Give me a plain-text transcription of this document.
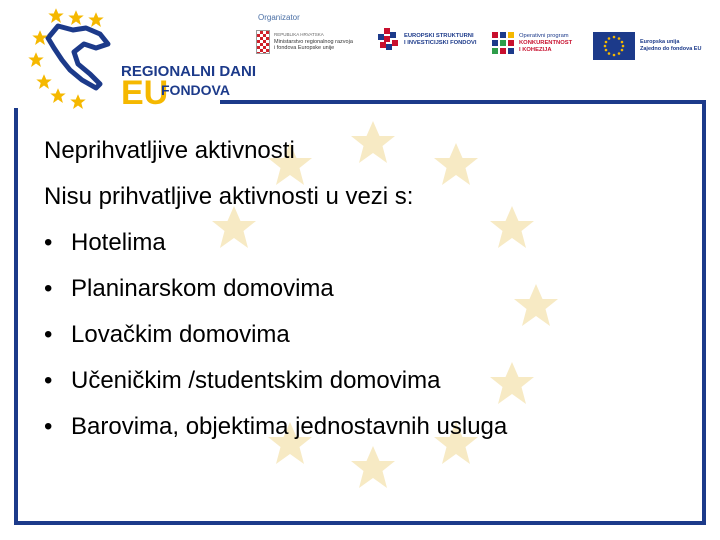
REGIONALNI DANI
EU
FONDOVA
Organizator
REPUBLIKA HRVATSKA
Ministarstvo regionalnog razvoja
i fondova Europske unije
EUROPSKI STRUKTURNI
I INVESTICIJSKI FONDOVI
Operativni program
KONKURENTNOST
I KOHEZIJA
Europska unija
Zajedno do fondova EU
Neprihvatljive aktivnosti
Nisu prihvatljive aktivnosti u vezi s:
• Hotelima
• Planinarskom domovima
• Lovačkim domovima
• Učeničkim /studentskim domovima
• Barovima, objektima jednostavnih usluga
